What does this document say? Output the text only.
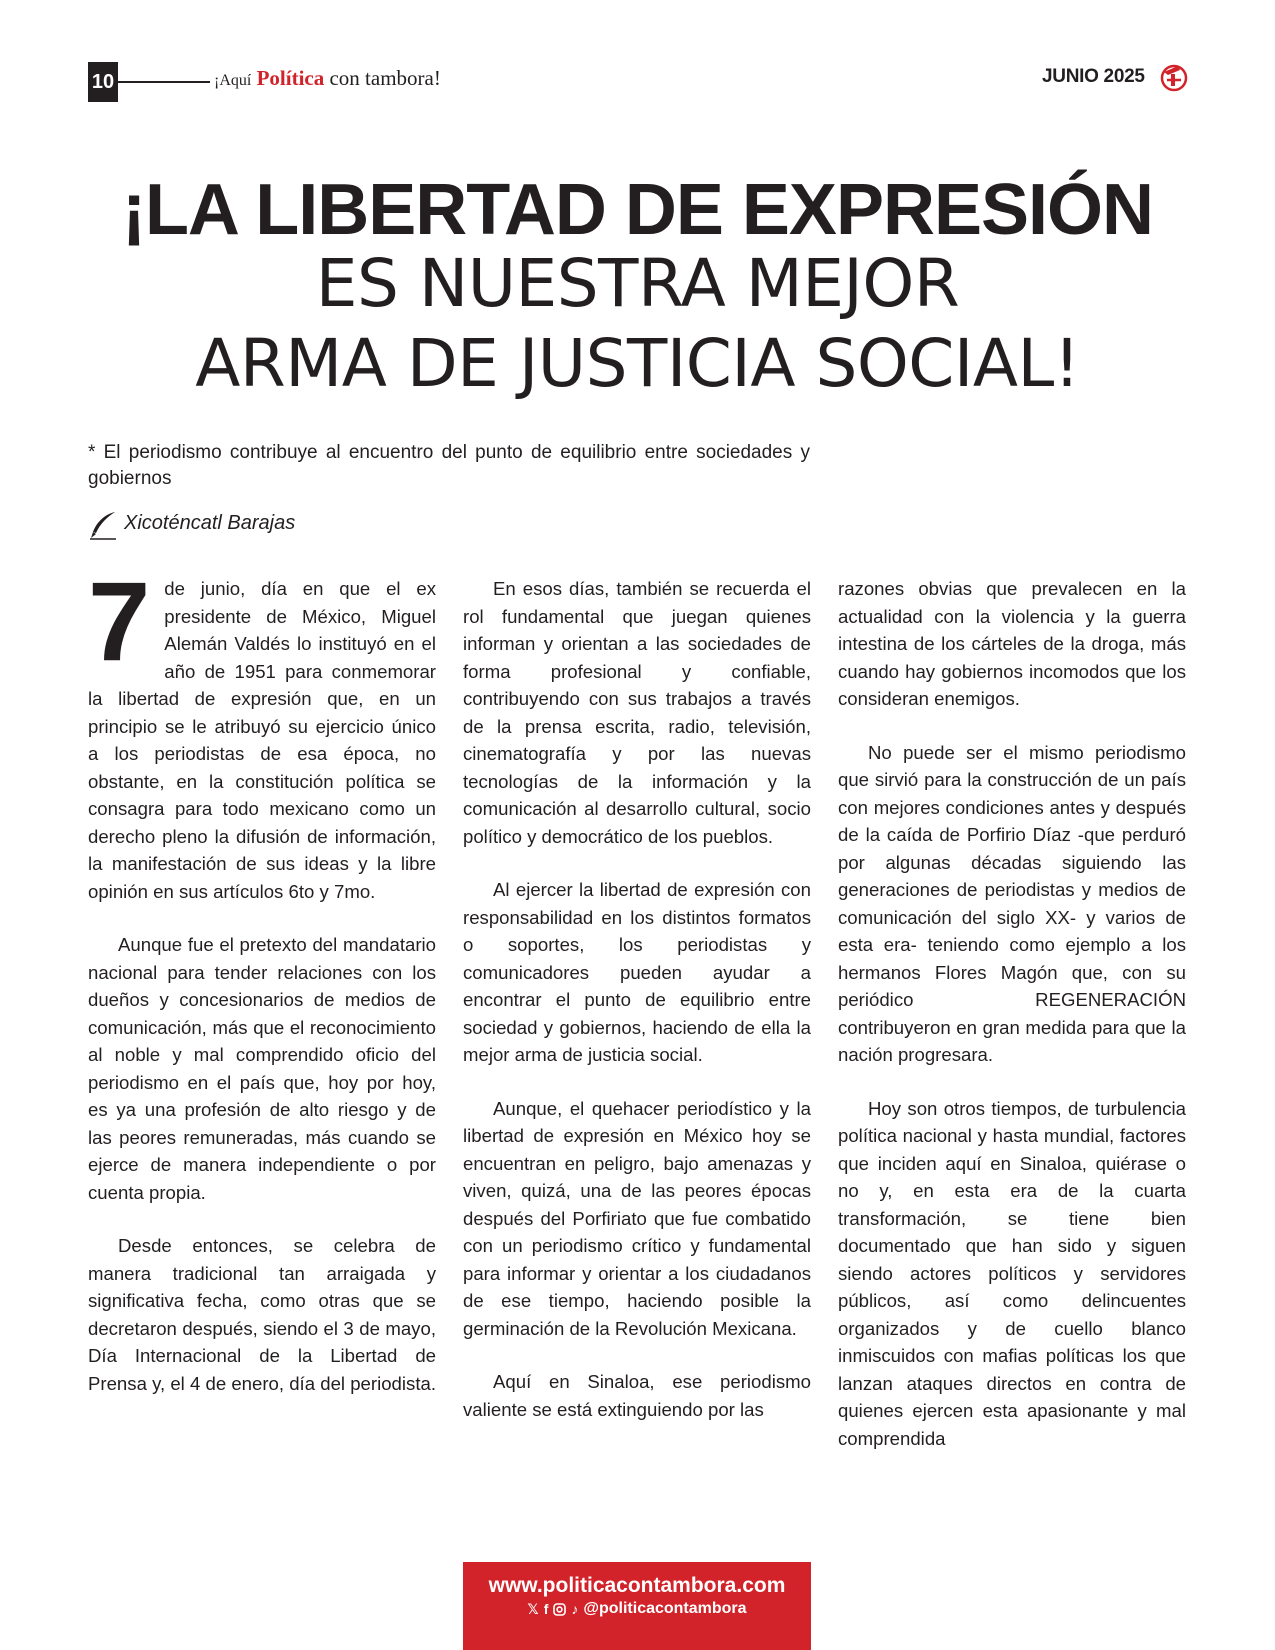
10	¡Aquí Política con tambora!	JUNIO 2025
¡LA LIBERTAD DE EXPRESIÓN
ES NUESTRA MEJOR
ARMA DE JUSTICIA SOCIAL!
* El periodismo contribuye al encuentro del punto de equilibrio entre sociedades y gobiernos
Xicoténcatl Barajas

7 de junio, día en que el ex presidente de México, Miguel Alemán Valdés lo instituyó en el año de 1951 para conmemorar la libertad de expresión que, en un principio se le atribuyó su ejercicio único a los periodistas de esa época, no obstante, en la constitución política se consagra para todo mexicano como un derecho pleno la difusión de información, la manifestación de sus ideas y la libre opinión en sus artículos 6to y 7mo.

Aunque fue el pretexto del mandatario nacional para tender relaciones con los dueños y concesionarios de medios de comunicación, más que el reconocimiento al noble y mal comprendido oficio del periodismo en el país que, hoy por hoy, es ya una profesión de alto riesgo y de las peores remuneradas, más cuando se ejerce de manera independiente o por cuenta propia.

Desde entonces, se celebra de manera tradicional tan arraigada y significativa fecha, como otras que se decretaron después, siendo el 3 de mayo, Día Internacional de la Libertad de Prensa y, el 4 de enero, día del periodista.

En esos días, también se recuerda el rol fundamental que juegan quienes informan y orientan a las sociedades de forma profesional y confiable, contribuyendo con sus trabajos a través de la prensa escrita, radio, televisión, cinematografía y por las nuevas tecnologías de la información y la comunicación al desarrollo cultural, socio político y democrático de los pueblos.

Al ejercer la libertad de expresión con responsabilidad en los distintos formatos o soportes, los periodistas y comunicadores pueden ayudar a encontrar el punto de equilibrio entre sociedad y gobiernos, haciendo de ella la mejor arma de justicia social.

Aunque, el quehacer periodístico y la libertad de expresión en México hoy se encuentran en peligro, bajo amenazas y viven, quizá, una de las peores épocas después del Porfiriato que fue combatido con un periodismo crítico y fundamental para informar y orientar a los ciudadanos de ese tiempo, haciendo posible la germinación de la Revolución Mexicana.

Aquí en Sinaloa, ese periodismo valiente se está extinguiendo por las

razones obvias que prevalecen en la actualidad con la violencia y la guerra intestina de los cárteles de la droga, más cuando hay gobiernos incomodos que los consideran enemigos.

No puede ser el mismo periodismo que sirvió para la construcción de un país con mejores condiciones antes y después de la caída de Porfirio Díaz -que perduró por algunas décadas siguiendo las generaciones de periodistas y medios de comunicación del siglo XX- y varios de esta era- teniendo como ejemplo a los hermanos Flores Magón que, con su periódico REGENERACIÓN contribuyeron en gran medida para que la nación progresara.

Hoy son otros tiempos, de turbulencia política nacional y hasta mundial, factores que inciden aquí en Sinaloa, quiérase o no y, en esta era de la cuarta transformación, se tiene bien documentado que han sido y siguen siendo actores políticos y servidores públicos, así como delincuentes organizados y de cuello blanco inmiscuidos con mafias políticas los que lanzan ataques directos en contra de quienes ejercen esta apasionante y mal comprendida

www.politicacontambora.com
𝕏 f ♪ @politicacontambora
